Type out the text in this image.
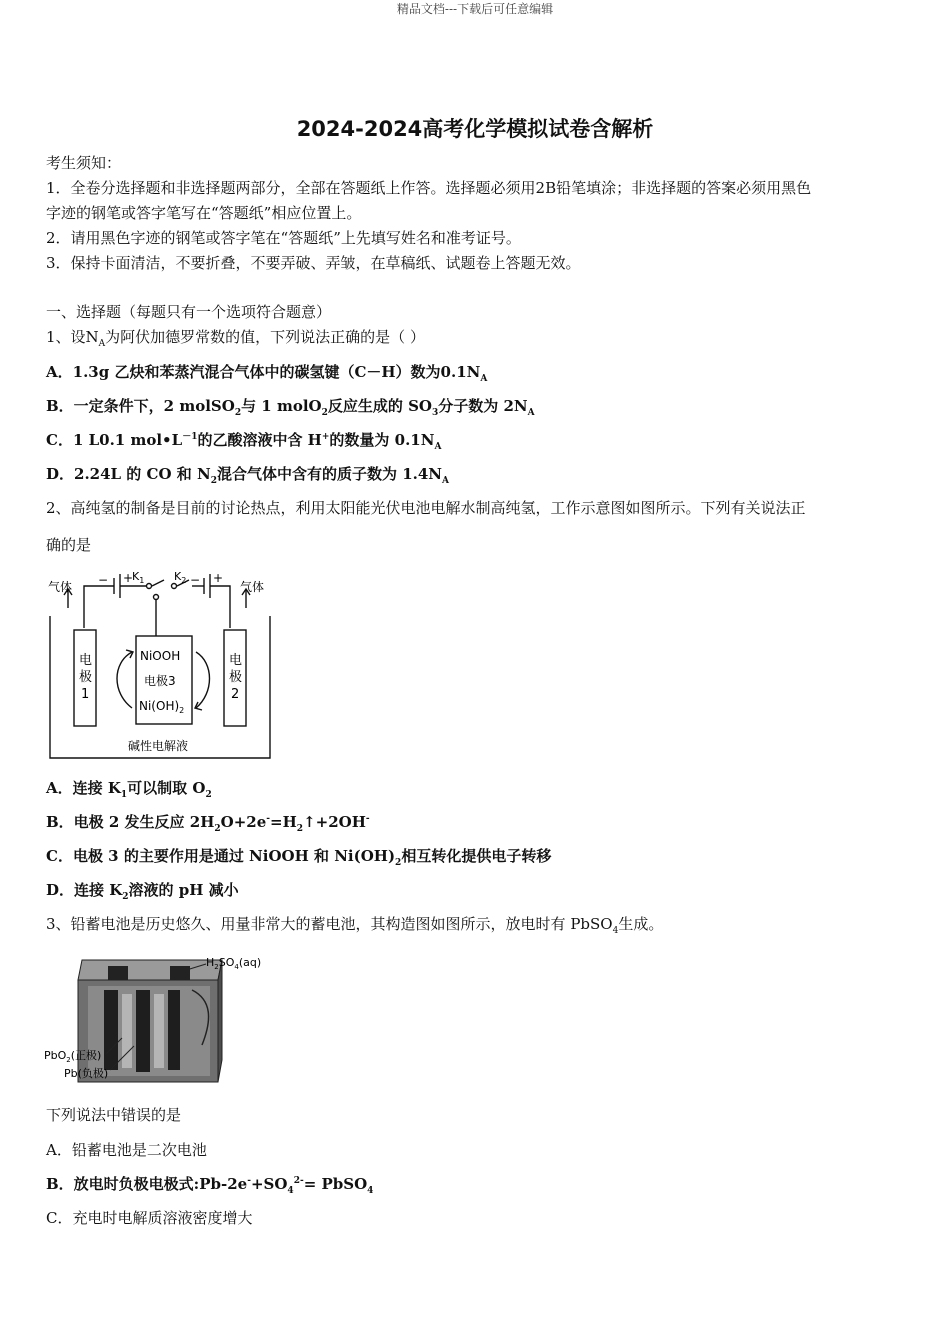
精品文档---下载后可任意编辑
2024-2024高考化学模拟试卷含解析
考生须知：
1．全卷分选择题和非选择题两部分，全部在答题纸上作答。选择题必须用2B铅笔填涂；非选择题的答案必须用黑色
字迹的钢笔或答字笔写在“答题纸”相应位置上。
2．请用黑色字迹的钢笔或答字笔在“答题纸”上先填写姓名和准考证号。
3．保持卡面清洁，不要折叠，不要弄破、弄皱，在草稿纸、试题卷上答题无效。
一、选择题（每题只有一个选项符合题意）
1、设$N_A$为阿伏加德罗常数的值，下列说法正确的是（ ）
A．1.3g 乙炔和苯蒸汽混合气体中的碳氢键（C－H）数为$0.1N_A$
B．一定条件下，2 molSO$_2$与 1 molO$_2$反应生成的 $SO_3$分子数为 $2N_A$
C．1 L0.1 $mol•L^{-1}$的乙酸溶液中含 H+的数量为 $0.1N_A$
D．2.24L 的 CO 和 $N_2$混合气体中含有的质子数为 $1.4N_A$
2、高纯氢的制备是目前的讨论热点，利用太阳能光伏电池电解水制高纯氢，工作示意图如图所示。下列有关说法正
确的是
气体	气体
− +
$K_1$	$K_2$ − +
电
极
1
电
极
2
NiOOH
电极3
$Ni(OH)_2$
碱性电解液
A．连接 $K_1$可以制取 $O_2$
B．电极 2 发生反应 $2H_2O+2e^-=H_2↑+2OH^-$
C．电极 3 的主要作用是通过 NiOOH 和 $Ni(OH)_2$相互转化提供电子转移
D．连接 $K_2$溶液的 pH 减小
3、铅蓄电池是历史悠久、用量非常大的蓄电池，其构造图如图所示，放电时有 PbSO$_4$生成。
$H_2SO_4(aq)$
PbO$_2$(正极)
Pb(负极)
下列说法中错误的是
A．铅蓄电池是二次电池
B．放电时负极电极式$:Pb-2e^-+SO_4^{2-}=$ PbSO$_4$
C．充电时电解质溶液密度增大
